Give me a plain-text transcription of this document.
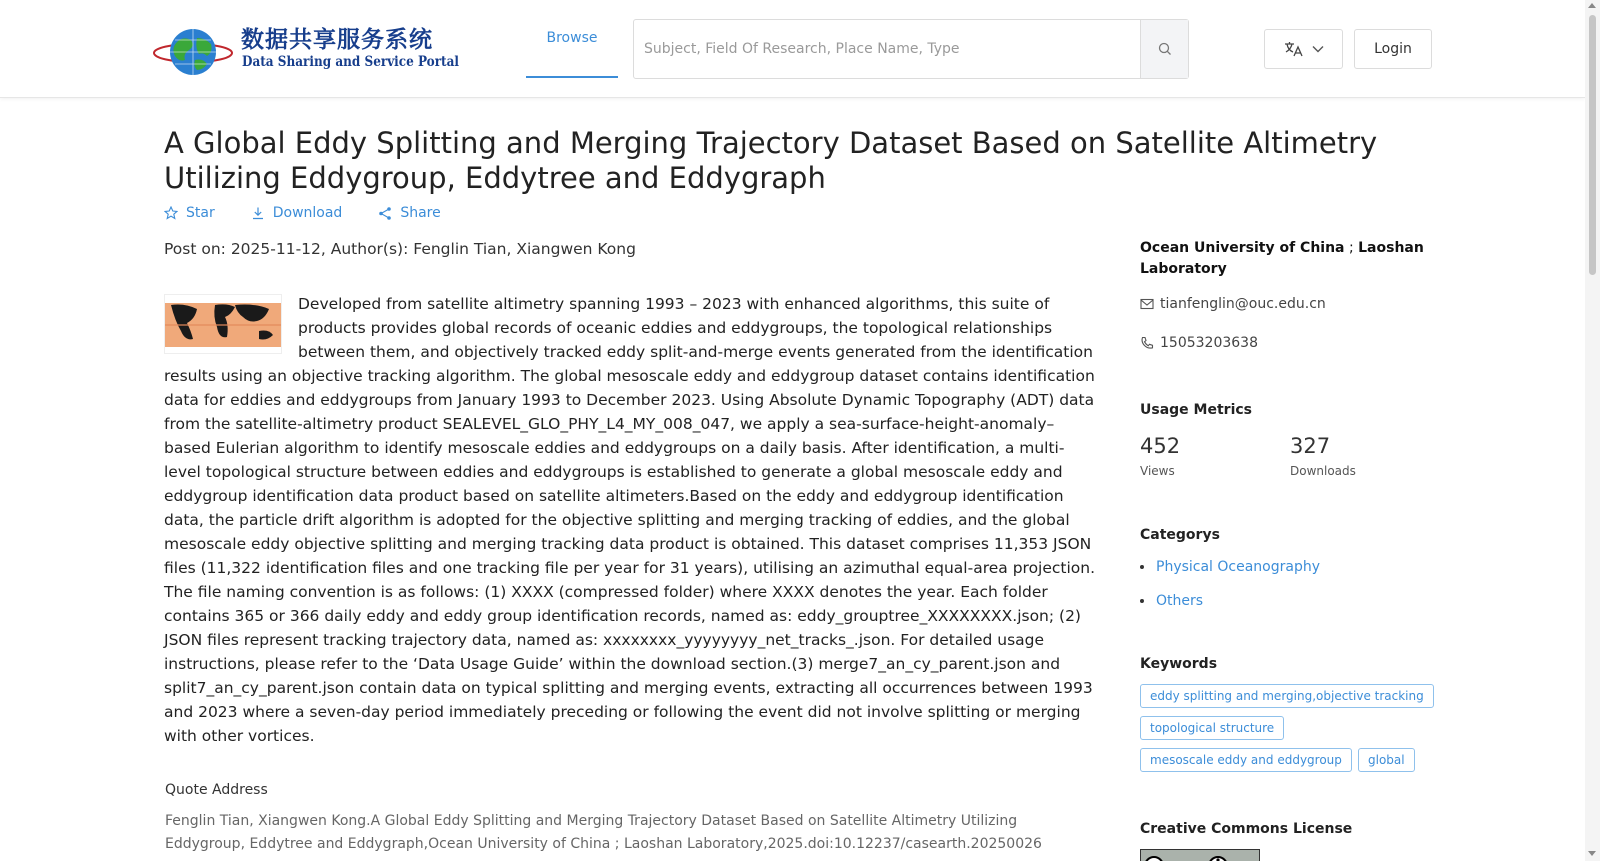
数据共享服务系统
Data Sharing and Service Portal
Browse
Subject, Field Of Research, Place Name, Type
Login
A Global Eddy Splitting and Merging Trajectory Dataset Based on Satellite Altimetry Utilizing Eddygroup, Eddytree and Eddygraph
Star	Download	Share
Post on: 2025-11-12, Author(s): Fenglin Tian, Xiangwen Kong
Developed from satellite altimetry spanning 1993 – 2023 with enhanced algorithms, this suite of products provides global records of oceanic eddies and eddygroups, the topological relationships between them, and objectively tracked eddy split-and-merge events generated from the identification results using an objective tracking algorithm. The global mesoscale eddy and eddygroup dataset contains identification data for eddies and eddygroups from January 1993 to December 2023. Using Absolute Dynamic Topography (ADT) data from the satellite-altimetry product SEALEVEL_GLO_PHY_L4_MY_008_047, we apply a sea-surface-height-anomaly–based Eulerian algorithm to identify mesoscale eddies and eddygroups on a daily basis. After identification, a multi-level topological structure between eddies and eddygroups is established to generate a global mesoscale eddy and eddygroup identification data product based on satellite altimeters.Based on the eddy and eddygroup identification data, the particle drift algorithm is adopted for the objective splitting and merging tracking of eddies, and the global mesoscale eddy objective splitting and merging tracking data product is obtained. This dataset comprises 11,353 JSON files (11,322 identification files and one tracking file per year for 31 years), utilising an azimuthal equal-area projection. The file naming convention is as follows: (1) XXXX (compressed folder) where XXXX denotes the year. Each folder contains 365 or 366 daily eddy and eddy group identification records, named as: eddy_grouptree_XXXXXXXX.json; (2) JSON files represent tracking trajectory data, named as: xxxxxxxx_yyyyyyyy_net_tracks_.json. For detailed usage instructions, please refer to the ‘Data Usage Guide’ within the download section.(3) merge7_an_cy_parent.json and split7_an_cy_parent.json contain data on typical splitting and merging events, extracting all occurrences between 1993 and 2023 where a seven-day period immediately preceding or following the event did not involve splitting or merging with other vortices.
Quote Address
Fenglin Tian, Xiangwen Kong.A Global Eddy Splitting and Merging Trajectory Dataset Based on Satellite Altimetry Utilizing Eddygroup, Eddytree and Eddygraph,Ocean University of China ; Laoshan Laboratory,2025.doi:10.12237/casearth.20250026
Ocean University of China ; Laoshan Laboratory
tianfenglin@ouc.edu.cn
15053203638
Usage Metrics
452
Views
327
Downloads
Categorys
Physical Oceanography
Others
Keywords
eddy splitting and merging,objective tracking
topological structure
mesoscale eddy and eddygroup	global
Creative Commons License
